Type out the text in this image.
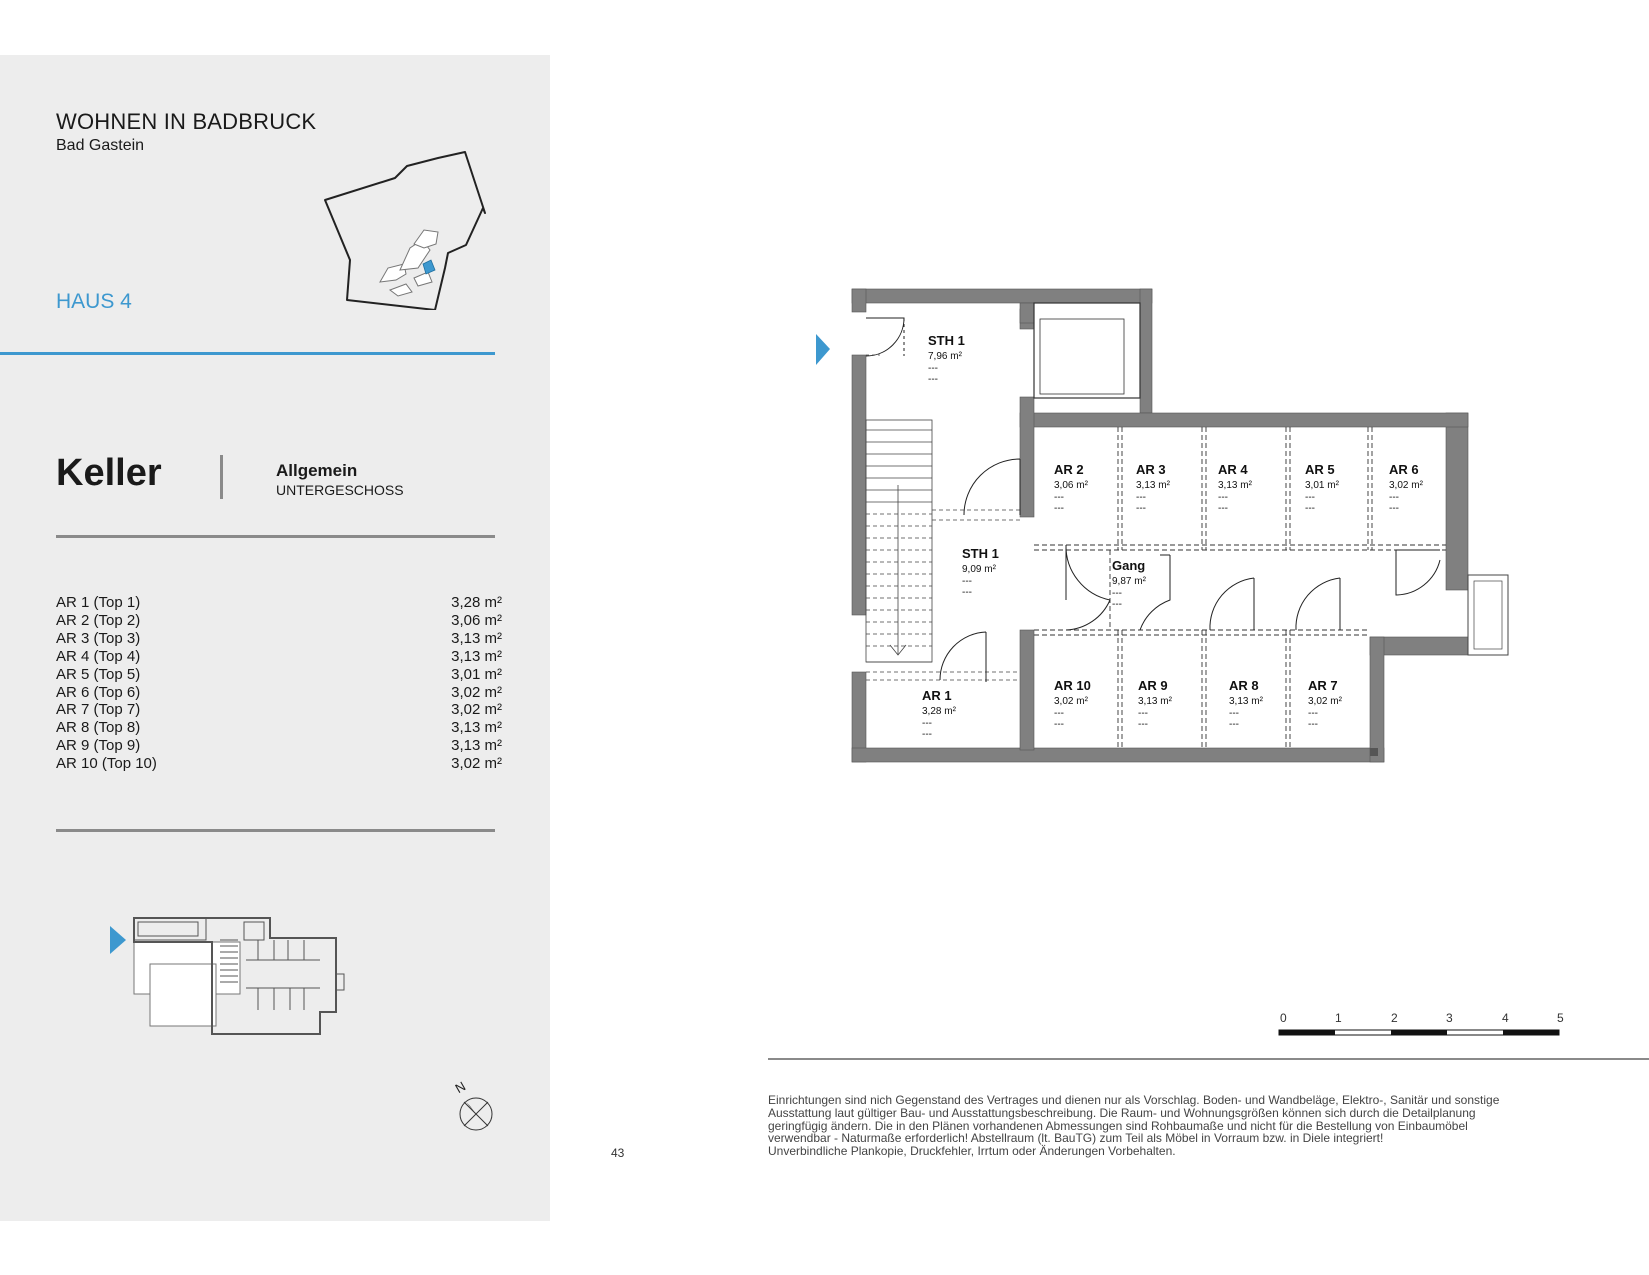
WOHNEN IN BADBRUCK
Bad Gastein
HAUS 4
Keller	Allgemein
UNTERGESCHOSS
AR 1 (Top 1)	3,28 m²
AR 2 (Top 2)	3,06 m²
AR 3 (Top 3)	3,13 m²
AR 4 (Top 4)	3,13 m²
AR 5 (Top 5)	3,01 m²
AR 6 (Top 6)	3,02 m²
AR 7 (Top 7)	3,02 m²
AR 8 (Top 8)	3,13 m²
AR 9 (Top 9)	3,13 m²
AR 10 (Top 10)	3,02 m²
N
STH 1
7,96 m²
---
---
STH 1
9,09 m²
---
---
Gang
9,87 m²
---
---
AR 1
3,28 m²
---
---
AR 2
3,06 m²
---
---
AR 3
3,13 m²
---
---
AR 4
3,13 m²
---
---
AR 5
3,01 m²
---
---
AR 6
3,02 m²
---
---
AR 10
3,02 m²
---
---
AR 9
3,13 m²
---
---
AR 8
3,13 m²
---
---
AR 7
3,02 m²
---
---
0	1	2	3	4	5
43
Einrichtungen sind nich Gegenstand des Vertrages und dienen nur als Vorschlag. Boden- und Wandbeläge, Elektro-, Sanitär und sonstige
Ausstattung laut gültiger Bau- und Ausstattungsbeschreibung. Die Raum- und Wohnungsgrößen können sich durch die Detailplanung
geringfügig ändern. Die in den Plänen vorhandenen Abmessungen sind Rohbaumaße und nicht für die Bestellung von Einbaumöbel
verwendbar - Naturmaße erforderlich! Abstellraum (lt. BauTG) zum Teil als Möbel in Vorraum bzw. in Diele integriert!
Unverbindliche Plankopie, Druckfehler, Irrtum oder Änderungen Vorbehalten.
